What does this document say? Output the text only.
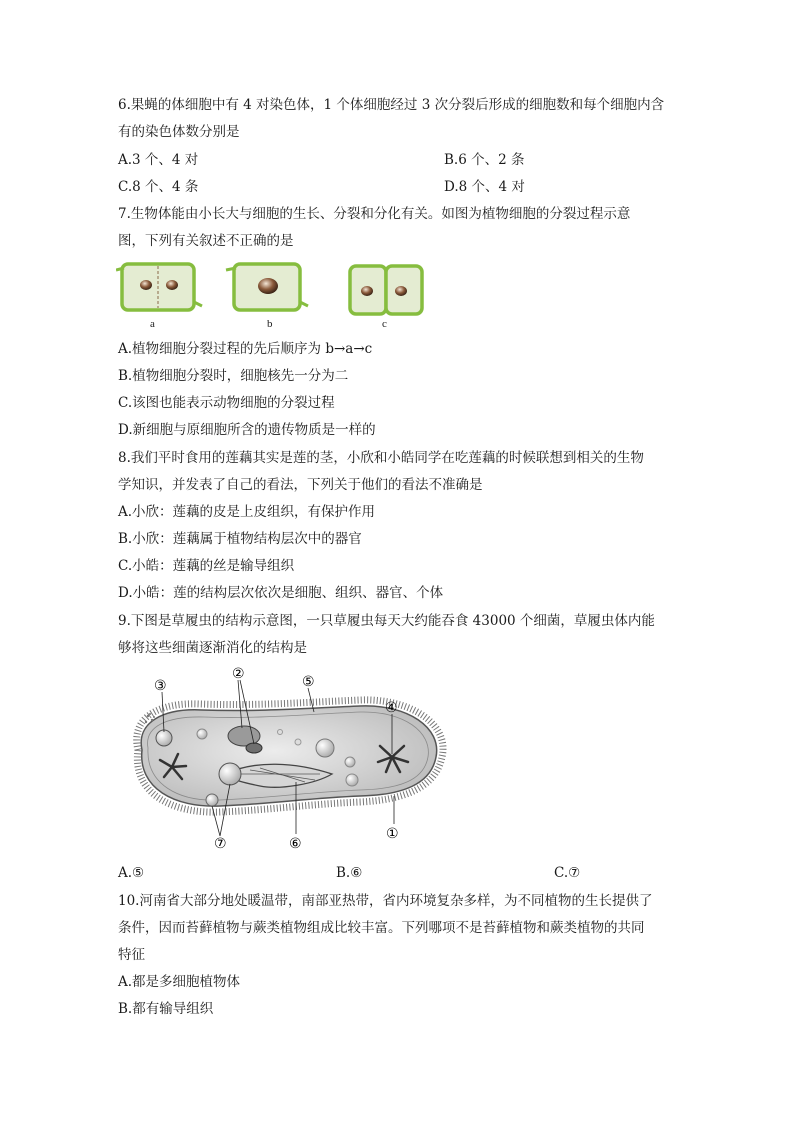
6.果蝇的体细胞中有 4 对染色体，1 个体细胞经过 3 次分裂后形成的细胞数和每个细胞内含
有的染色体数分别是
A.3 个、4 对	B.6 个、2 条
C.8 个、4 条	D.8 个、4 对
7.生物体能由小长大与细胞的生长、分裂和分化有关。如图为植物细胞的分裂过程示意
图，下列有关叙述不正确的是
a	b	c
A.植物细胞分裂过程的先后顺序为 b→a→c
B.植物细胞分裂时，细胞核先一分为二
C.该图也能表示动物细胞的分裂过程
D.新细胞与原细胞所含的遗传物质是一样的
8.我们平时食用的莲藕其实是莲的茎，小欣和小皓同学在吃莲藕的时候联想到相关的生物
学知识，并发表了自己的看法，下列关于他们的看法不准确是
A.小欣：莲藕的皮是上皮组织，有保护作用
B.小欣：莲藕属于植物结构层次中的器官
C.小皓：莲藕的丝是输导组织
D.小皓：莲的结构层次依次是细胞、组织、器官、个体
9.下图是草履虫的结构示意图，一只草履虫每天大约能吞食 43000 个细菌，草履虫体内能
够将这些细菌逐渐消化的结构是
①
②
③
④
⑤
⑥
⑦
A.⑤	B.⑥	C.⑦
10.河南省大部分地处暖温带，南部亚热带，省内环境复杂多样，为不同植物的生长提供了
条件，因而苔藓植物与蕨类植物组成比较丰富。下列哪项不是苔藓植物和蕨类植物的共同
特征
A.都是多细胞植物体
B.都有输导组织
